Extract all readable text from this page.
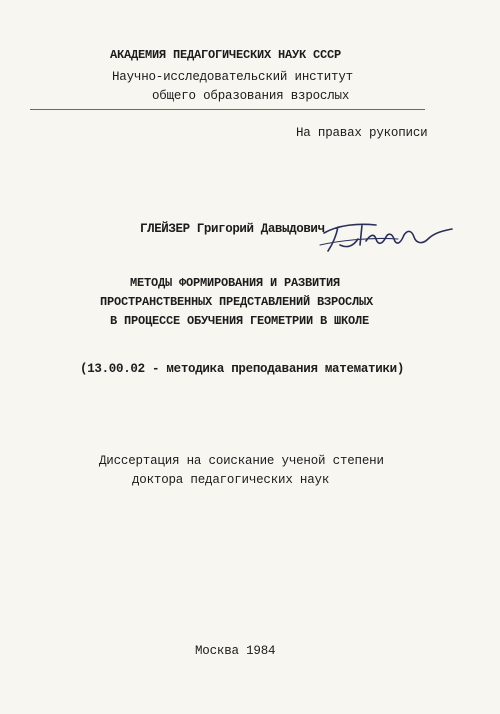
АКАДЕМИЯ ПЕДАГОГИЧЕСКИХ НАУК СССР
Научно-исследовательский институт
общего образования взрослых
На правах рукописи
ГЛЕЙЗЕР Григорий Давыдович
МЕТОДЫ ФОРМИРОВАНИЯ И РАЗВИТИЯ
ПРОСТРАНСТВЕННЫХ ПРЕДСТАВЛЕНИЙ ВЗРОСЛЫХ
В ПРОЦЕССЕ ОБУЧЕНИЯ ГЕОМЕТРИИ В ШКОЛЕ
(13.00.02 - методика преподавания математики)
Диссертация на соискание ученой степени
доктора педагогических наук
Москва 1984
